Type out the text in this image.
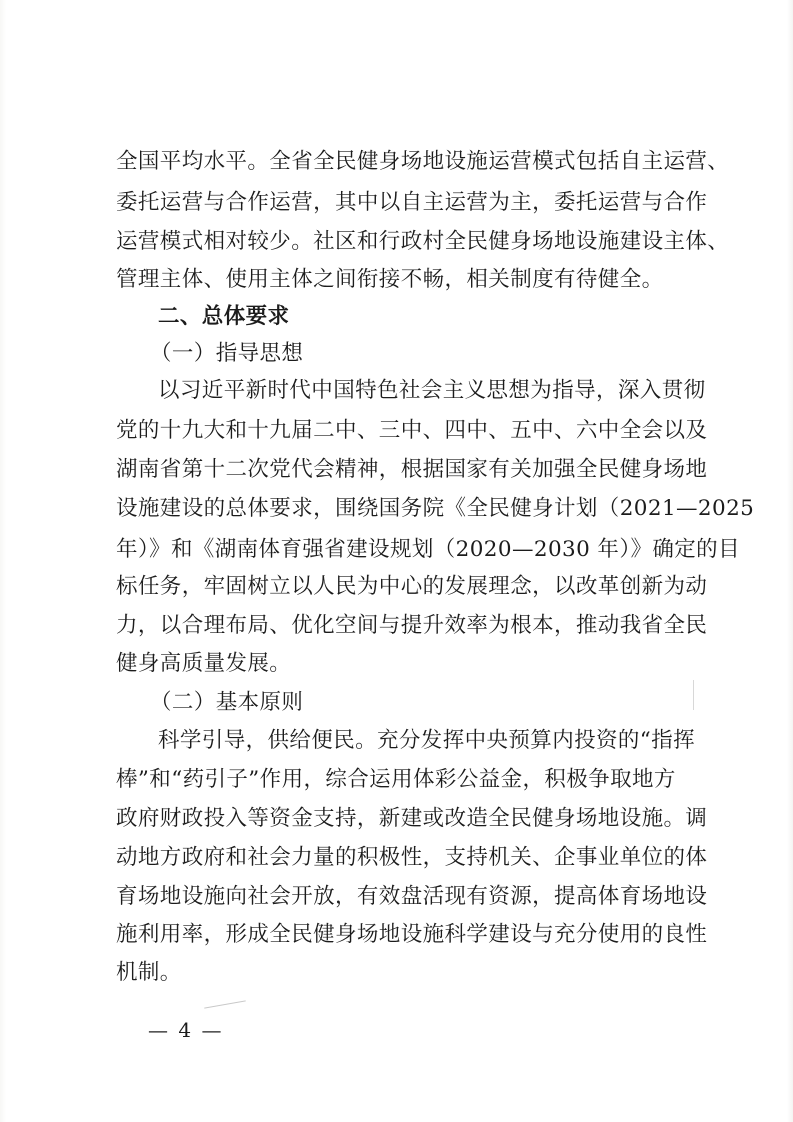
全国平均水平。全省全民健身场地设施运营模式包括自主运营、
委托运营与合作运营，其中以自主运营为主，委托运营与合作
运营模式相对较少。社区和行政村全民健身场地设施建设主体、
管理主体、使用主体之间衔接不畅，相关制度有待健全。
二、总体要求
（一）指导思想
以习近平新时代中国特色社会主义思想为指导，深入贯彻
党的十九大和十九届二中、三中、四中、五中、六中全会以及
湖南省第十二次党代会精神，根据国家有关加强全民健身场地
设施建设的总体要求，围绕国务院《全民健身计划（2021—2025
年）》和《湖南体育强省建设规划（2020—2030 年）》确定的目
标任务，牢固树立以人民为中心的发展理念，以改革创新为动
力，以合理布局、优化空间与提升效率为根本，推动我省全民
健身高质量发展。
（二）基本原则
科学引导，供给便民。充分发挥中央预算内投资的“指挥
棒”和“药引子”作用，综合运用体彩公益金，积极争取地方
政府财政投入等资金支持，新建或改造全民健身场地设施。调
动地方政府和社会力量的积极性，支持机关、企事业单位的体
育场地设施向社会开放，有效盘活现有资源，提高体育场地设
施利用率，形成全民健身场地设施科学建设与充分使用的良性
机制。
— 4 —
